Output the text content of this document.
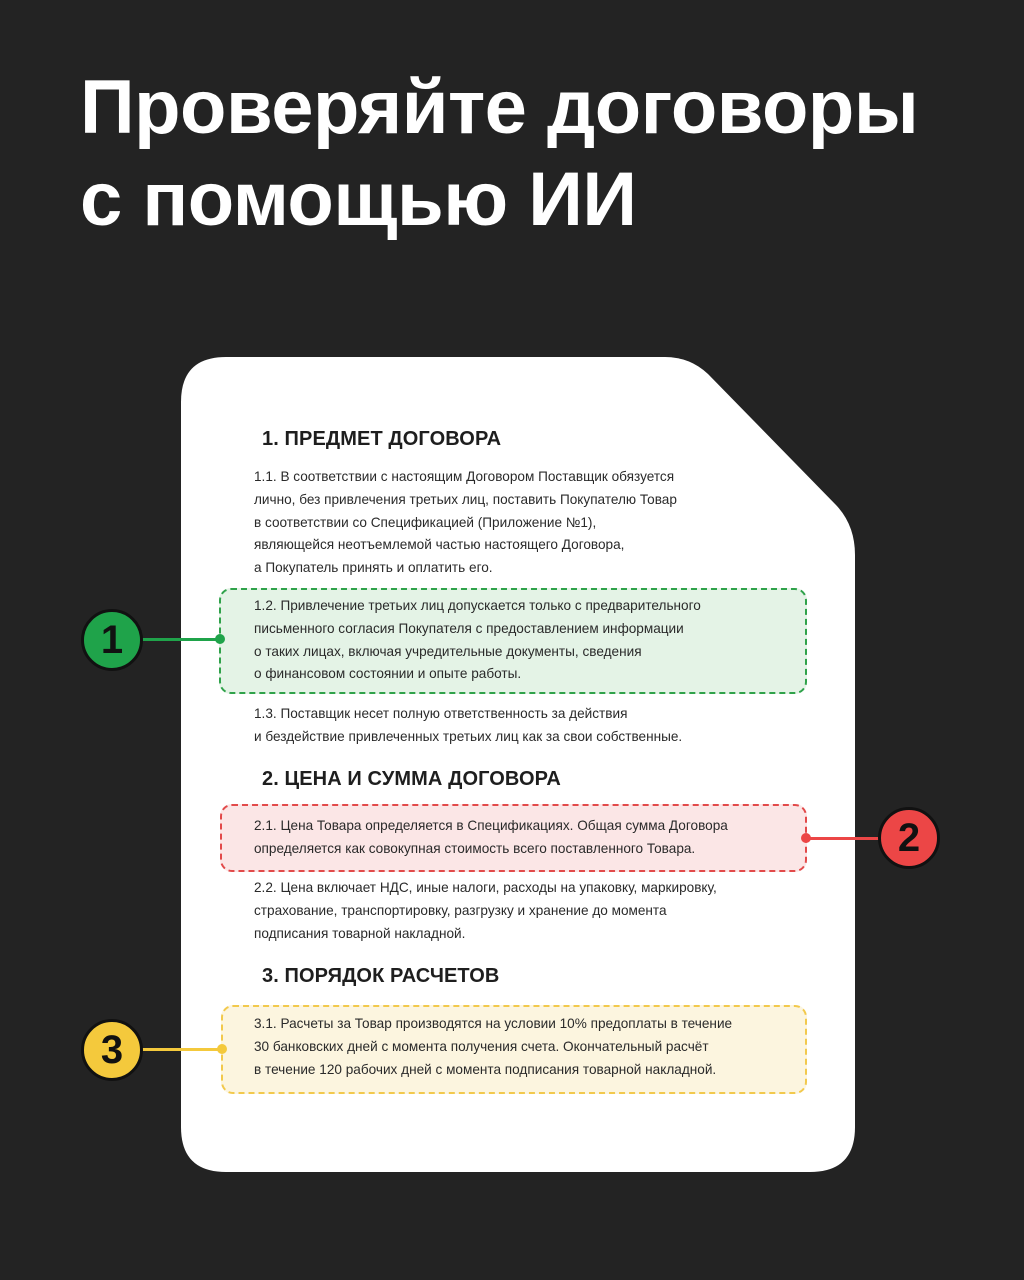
Проверяйте договоры
с помощью ИИ
1. ПРЕДМЕТ ДОГОВОРА
1.1. В соответствии с настоящим Договором Поставщик обязуется
лично, без привлечения третьих лиц, поставить Покупателю Товар
в соответствии со Спецификацией (Приложение №1),
являющейся неотъемлемой частью настоящего Договора,
а Покупатель принять и оплатить его.
1.2. Привлечение третьих лиц допускается только с предварительного
письменного согласия Покупателя с предоставлением информации
о таких лицах, включая учредительные документы, сведения
о финансовом состоянии и опыте работы.
1.3. Поставщик несет полную ответственность за действия
и бездействие привлеченных третьих лиц как за свои собственные.
2. ЦЕНА И СУММА ДОГОВОРА
2.1. Цена Товара определяется в Спецификациях. Общая сумма Договора
определяется как совокупная стоимость всего поставленного Товара.
2.2. Цена включает НДС, иные налоги, расходы на упаковку, маркировку,
страхование, транспортировку, разгрузку и хранение до момента
подписания товарной накладной.
3. ПОРЯДОК РАСЧЕТОВ
3.1. Расчеты за Товар производятся на условии 10% предоплаты в течение
30 банковских дней с момента получения счета. Окончательный расчёт
в течение 120 рабочих дней с момента подписания товарной накладной.
1
2
3
